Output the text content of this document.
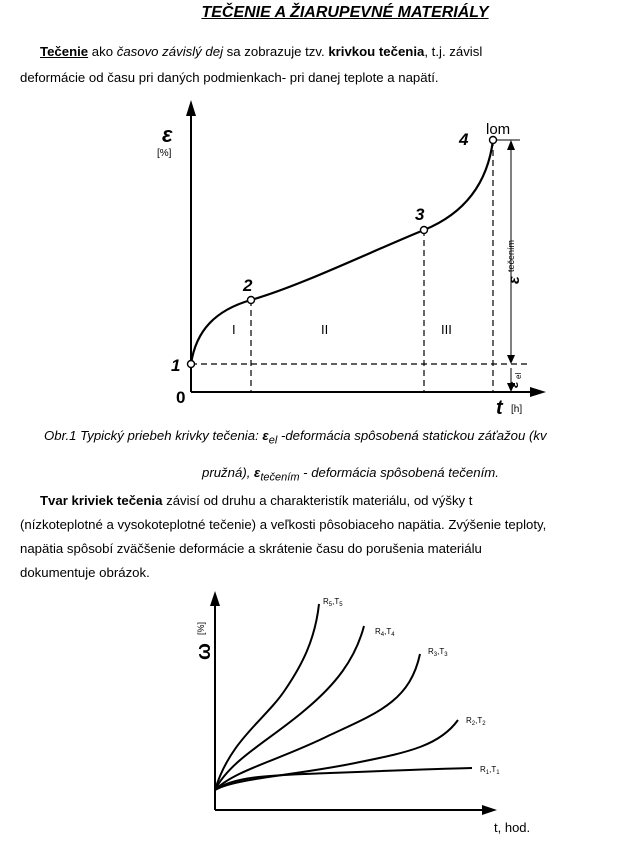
TEČENIE A ŽIARUPEVNÉ MATERIÁLY
Tečenie ako časovo závislý dej sa zobrazuje tzv. krivkou tečenia, t.j. závisl
deformácie od času pri daných podmienkach- pri danej teplote a napätí.
ε
[%]
0	t [h]
1
2
3
4
lom
I	II	III
ε
tečením
ε
el
Obr.1 Typický priebeh krivky tečenia: $\varepsilon_{el}$ -deformácia spôsobená statickou záťažou (kv
pružná), $\varepsilon_{tečením}$ - deformácia spôsobená tečením.
Tvar kriviek tečenia závisí od druhu a charakteristík materiálu, od výšky t
(nízkoteplotné a vysokoteplotné tečenie) a veľkosti pôsobiaceho napätia. Zvýšenie teploty,
napätia spôsobí zväčšenie deformácie a skrátenie času do porušenia materiálu
dokumentuje obrázok.
ω
[%]
t, hod.
$R_5,T_5$
$R_4,T_4$
$R_3,T_3$
$R_2,T_2$
$R_1,T_1$
